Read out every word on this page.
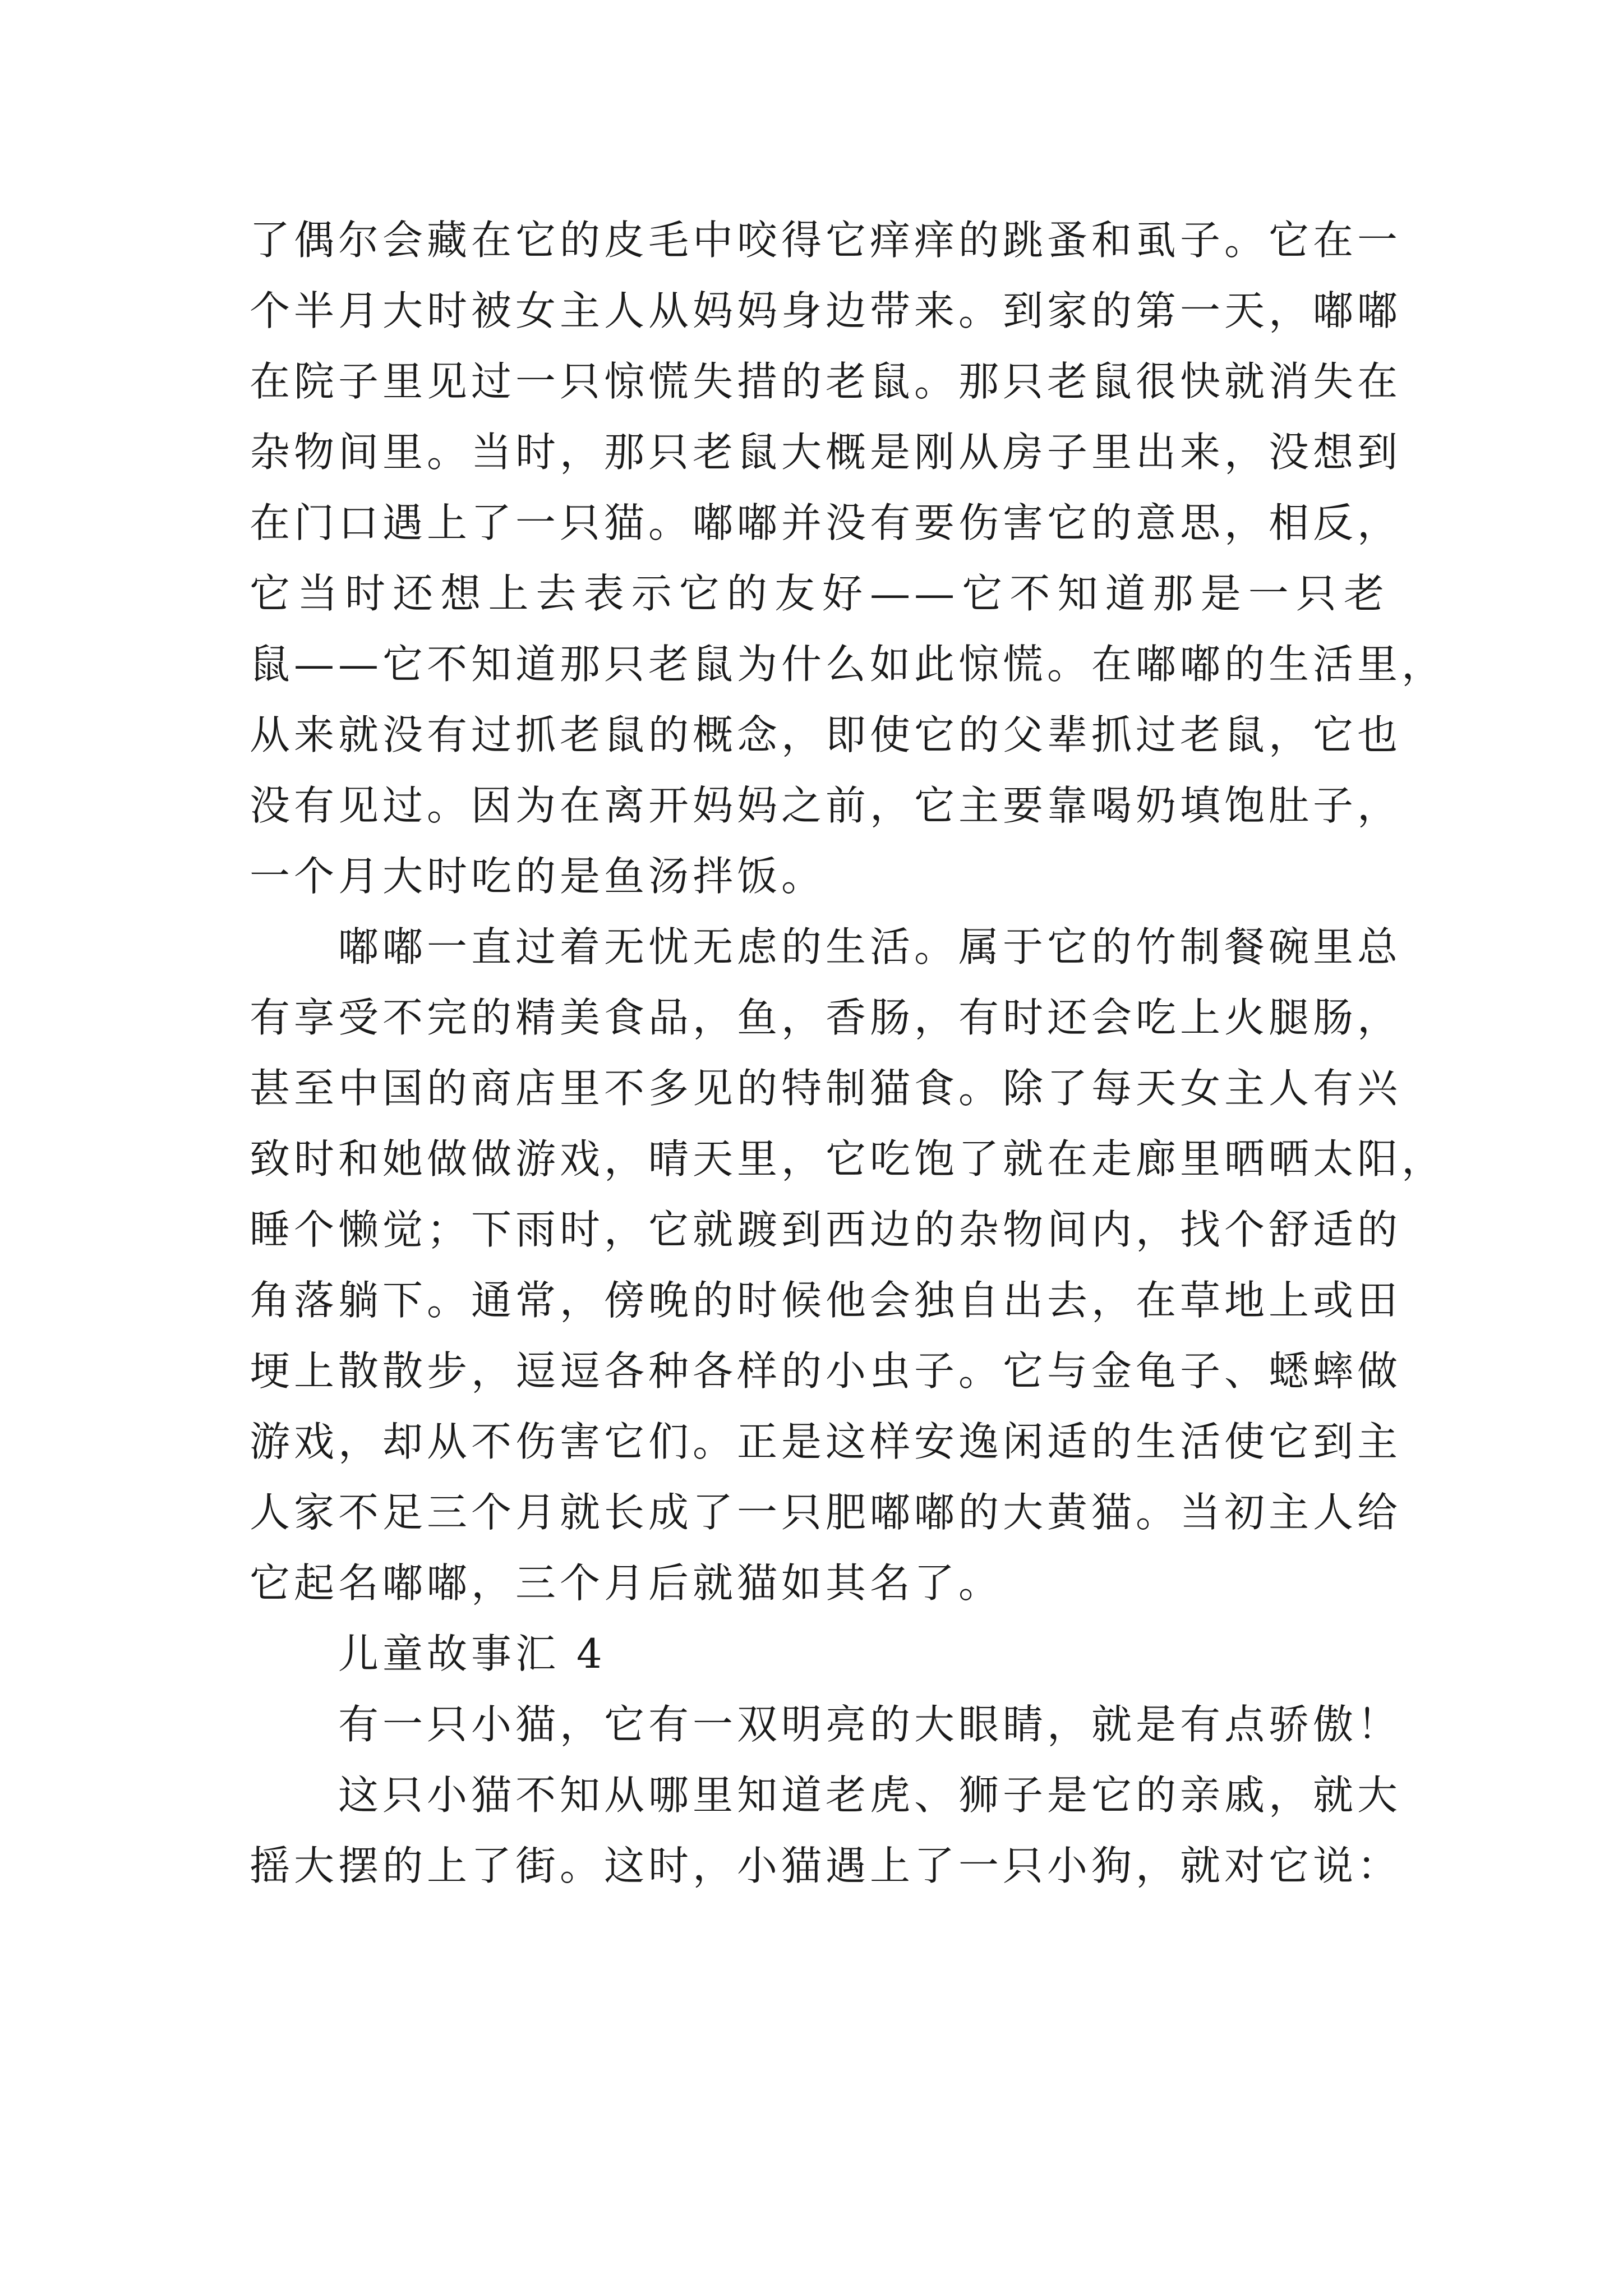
了偶尔会藏在它的皮毛中咬得它痒痒的跳蚤和虱子。它在一
个半月大时被女主人从妈妈身边带来。到家的第一天，嘟嘟
在院子里见过一只惊慌失措的老鼠。那只老鼠很快就消失在
杂物间里。当时，那只老鼠大概是刚从房子里出来，没想到
在门口遇上了一只猫。嘟嘟并没有要伤害它的意思，相反，
它当时还想上去表示它的友好——它不知道那是一只老
鼠——它不知道那只老鼠为什么如此惊慌。在嘟嘟的生活里，
从来就没有过抓老鼠的概念，即使它的父辈抓过老鼠，它也
没有见过。因为在离开妈妈之前，它主要靠喝奶填饱肚子，
一个月大时吃的是鱼汤拌饭。
嘟嘟一直过着无忧无虑的生活。属于它的竹制餐碗里总
有享受不完的精美食品，鱼，香肠，有时还会吃上火腿肠，
甚至中国的商店里不多见的特制猫食。除了每天女主人有兴
致时和她做做游戏，晴天里，它吃饱了就在走廊里晒晒太阳，
睡个懒觉；下雨时，它就踱到西边的杂物间内，找个舒适的
角落躺下。通常，傍晚的时候他会独自出去，在草地上或田
埂上散散步，逗逗各种各样的小虫子。它与金龟子、蟋蟀做
游戏，却从不伤害它们。正是这样安逸闲适的生活使它到主
人家不足三个月就长成了一只肥嘟嘟的大黄猫。当初主人给
它起名嘟嘟，三个月后就猫如其名了。
儿童故事汇 4
有一只小猫，它有一双明亮的大眼睛，就是有点骄傲！
这只小猫不知从哪里知道老虎、狮子是它的亲戚，就大
摇大摆的上了街。这时，小猫遇上了一只小狗，就对它说：
